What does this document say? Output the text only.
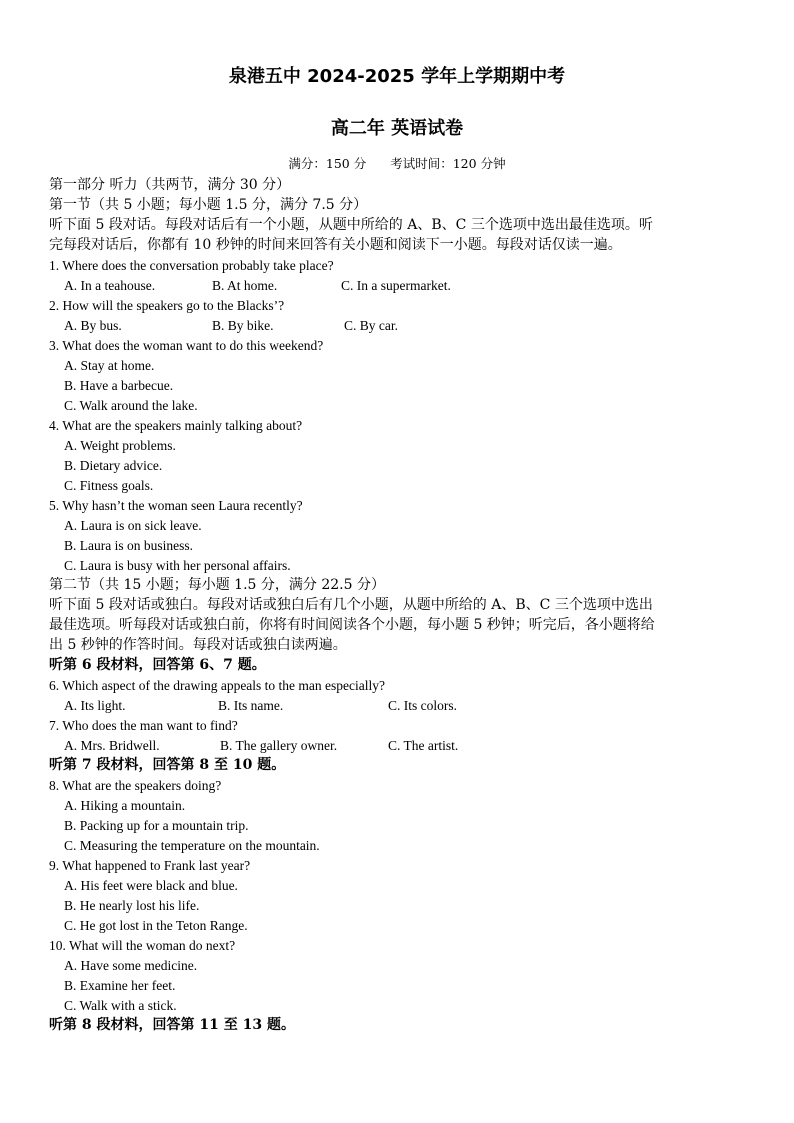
泉港五中 2024-2025 学年上学期期中考
高二年 英语试卷
满分：150 分 考试时间：120 分钟
第一部分 听力（共两节，满分 30 分）
第一节（共 5 小题；每小题 1.5 分，满分 7.5 分）
听下面 5 段对话。每段对话后有一个小题，从题中所给的 A、B、C 三个选项中选出最佳选项。听
完每段对话后，你都有 10 秒钟的时间来回答有关小题和阅读下一小题。每段对话仅读一遍。
1. Where does the conversation probably take place?
A. In a teahouse.	B. At home.	C. In a supermarket.
2. How will the speakers go to the Blacks’?
A. By bus.	B. By bike.	C. By car.
3. What does the woman want to do this weekend?
A. Stay at home.
B. Have a barbecue.
C. Walk around the lake.
4. What are the speakers mainly talking about?
A. Weight problems.
B. Dietary advice.
C. Fitness goals.
5. Why hasn’t the woman seen Laura recently?
A. Laura is on sick leave.
B. Laura is on business.
C. Laura is busy with her personal affairs.
第二节（共 15 小题；每小题 1.5 分，满分 22.5 分）
听下面 5 段对话或独白。每段对话或独白后有几个小题，从题中所给的 A、B、C 三个选项中选出
最佳选项。听每段对话或独白前，你将有时间阅读各个小题，每小题 5 秒钟；听完后，各小题将给
出 5 秒钟的作答时间。每段对话或独白读两遍。
听第 6 段材料，回答第 6、7 题。
6. Which aspect of the drawing appeals to the man especially?
A. Its light.	B. Its name.	C. Its colors.
7. Who does the man want to find?
A. Mrs. Bridwell.	B. The gallery owner.	C. The artist.
听第 7 段材料，回答第 8 至 10 题。
8. What are the speakers doing?
A. Hiking a mountain.
B. Packing up for a mountain trip.
C. Measuring the temperature on the mountain.
9. What happened to Frank last year?
A. His feet were black and blue.
B. He nearly lost his life.
C. He got lost in the Teton Range.
10. What will the woman do next?
A. Have some medicine.
B. Examine her feet.
C. Walk with a stick.
听第 8 段材料，回答第 11 至 13 题。
